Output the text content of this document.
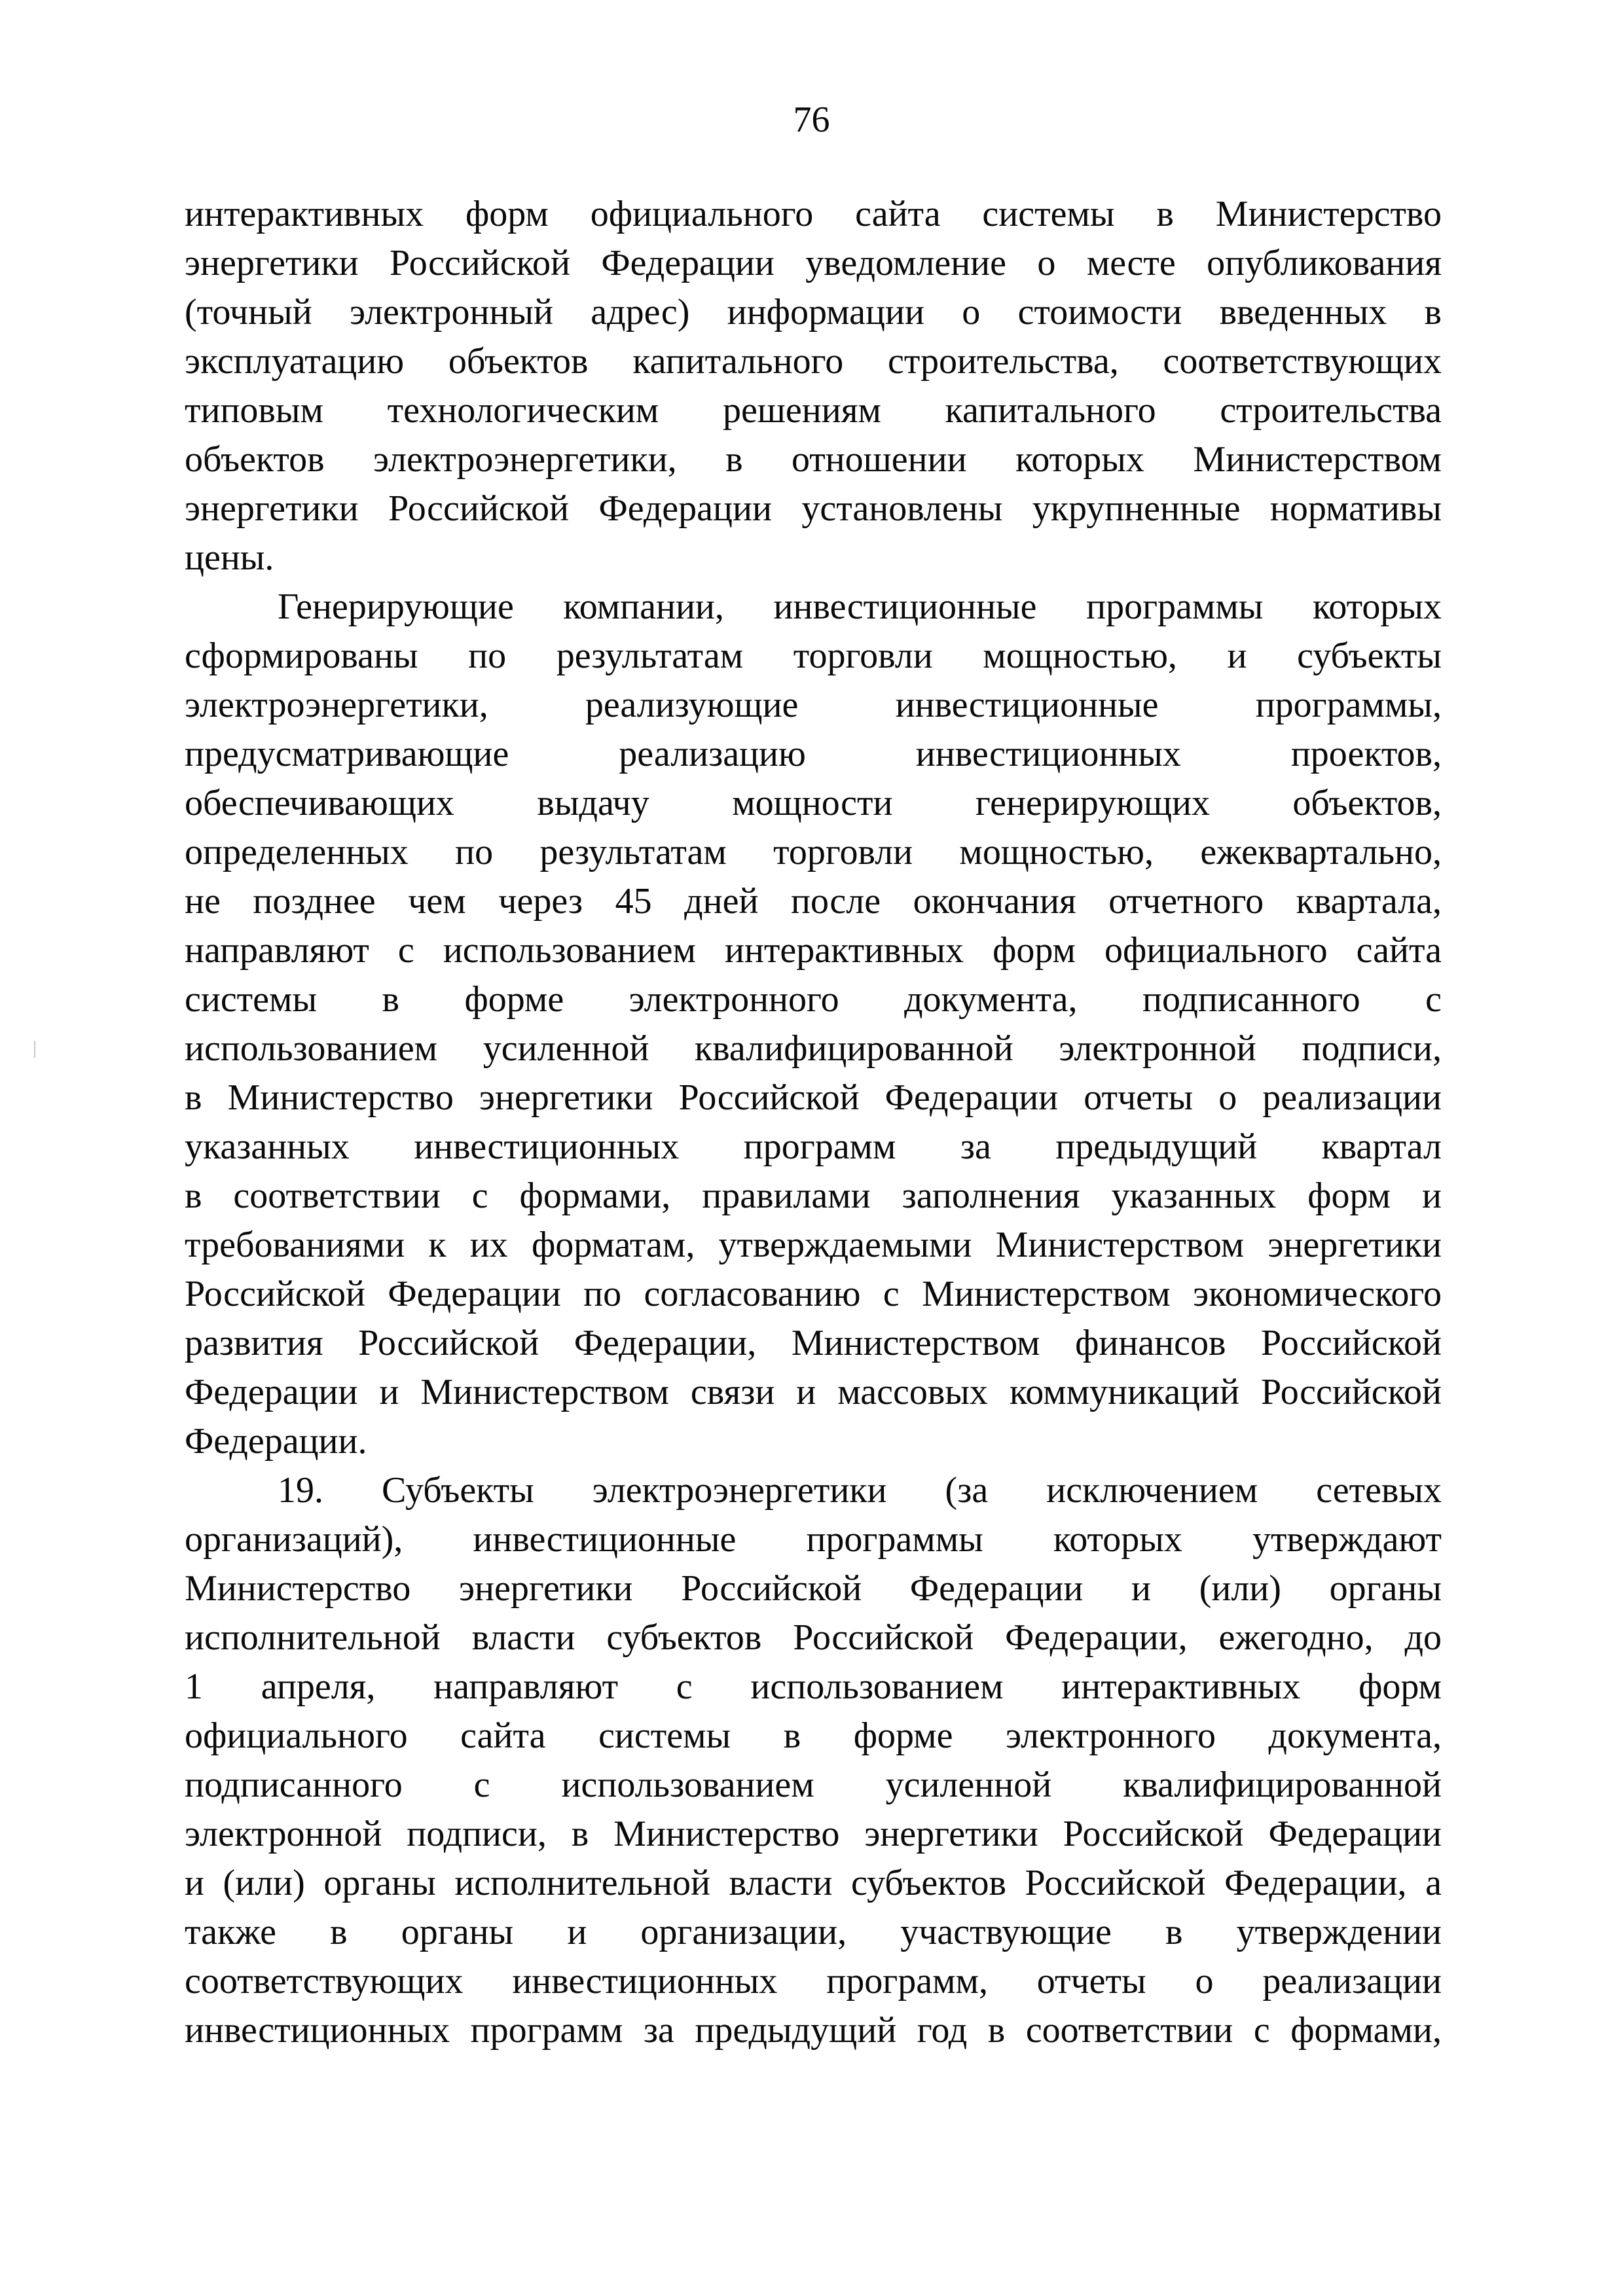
76
интерактивных форм официального сайта системы в Министерство
энергетики Российской Федерации уведомление о месте опубликования
(точный электронный адрес) информации о стоимости введенных в
эксплуатацию объектов капитального строительства, соответствующих
типовым технологическим решениям капитального строительства
объектов электроэнергетики, в отношении которых Министерством
энергетики Российской Федерации установлены укрупненные нормативы
цены.
Генерирующие компании, инвестиционные программы которых
сформированы по результатам торговли мощностью, и субъекты
электроэнергетики, реализующие инвестиционные программы,
предусматривающие реализацию инвестиционных проектов,
обеспечивающих выдачу мощности генерирующих объектов,
определенных по результатам торговли мощностью, ежеквартально,
не позднее чем через 45 дней после окончания отчетного квартала,
направляют с использованием интерактивных форм официального сайта
системы в форме электронного документа, подписанного с
использованием усиленной квалифицированной электронной подписи,
в Министерство энергетики Российской Федерации отчеты о реализации
указанных инвестиционных программ за предыдущий квартал
в соответствии с формами, правилами заполнения указанных форм и
требованиями к их форматам, утверждаемыми Министерством энергетики
Российской Федерации по согласованию с Министерством экономического
развития Российской Федерации, Министерством финансов Российской
Федерации и Министерством связи и массовых коммуникаций Российской
Федерации.
19. Субъекты электроэнергетики (за исключением сетевых
организаций), инвестиционные программы которых утверждают
Министерство энергетики Российской Федерации и (или) органы
исполнительной власти субъектов Российской Федерации, ежегодно, до
1 апреля, направляют с использованием интерактивных форм
официального сайта системы в форме электронного документа,
подписанного с использованием усиленной квалифицированной
электронной подписи, в Министерство энергетики Российской Федерации
и (или) органы исполнительной власти субъектов Российской Федерации, а
также в органы и организации, участвующие в утверждении
соответствующих инвестиционных программ, отчеты о реализации
инвестиционных программ за предыдущий год в соответствии с формами,
